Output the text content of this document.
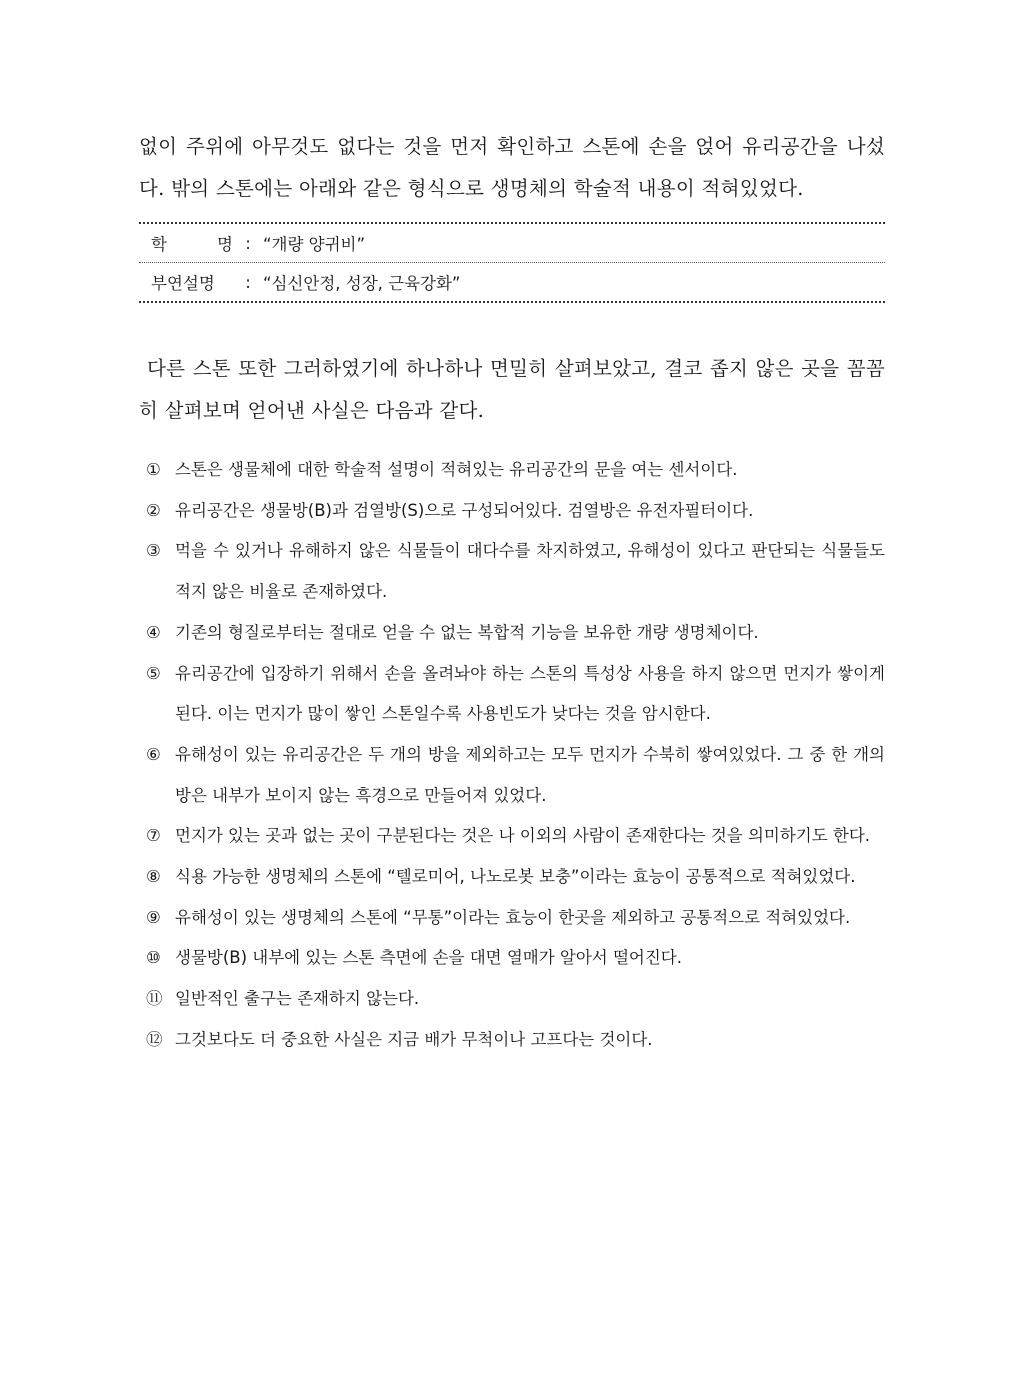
없이 주위에 아무것도 없다는 것을 먼저 확인하고 스톤에 손을 얹어 유리공간을 나섰다. 밖의 스톤에는 아래와 같은 형식으로 생명체의 학술적 내용이 적혀있었다.

학	명 : “개량 양귀비”
부연설명	: “심신안정, 성장, 근육강화”

다른 스톤 또한 그러하였기에 하나하나 면밀히 살펴보았고, 결코 좁지 않은 곳을 꼼꼼히 살펴보며 얻어낸 사실은 다음과 같다.

① 스톤은 생물체에 대한 학술적 설명이 적혀있는 유리공간의 문을 여는 센서이다.
② 유리공간은 생물방(B)과 검열방(S)으로 구성되어있다. 검열방은 유전자필터이다.
③ 먹을 수 있거나 유해하지 않은 식물들이 대다수를 차지하였고, 유해성이 있다고 판단되는 식물들도 적지 않은 비율로 존재하였다.
④ 기존의 형질로부터는 절대로 얻을 수 없는 복합적 기능을 보유한 개량 생명체이다.
⑤ 유리공간에 입장하기 위해서 손을 올려놔야 하는 스톤의 특성상 사용을 하지 않으면 먼지가 쌓이게 된다. 이는 먼지가 많이 쌓인 스톤일수록 사용빈도가 낮다는 것을 암시한다.
⑥ 유해성이 있는 유리공간은 두 개의 방을 제외하고는 모두 먼지가 수북히 쌓여있었다. 그 중 한 개의 방은 내부가 보이지 않는 흑경으로 만들어져 있었다.
⑦ 먼지가 있는 곳과 없는 곳이 구분된다는 것은 나 이외의 사람이 존재한다는 것을 의미하기도 한다.
⑧ 식용 가능한 생명체의 스톤에 “텔로미어, 나노로봇 보충”이라는 효능이 공통적으로 적혀있었다.
⑨ 유해성이 있는 생명체의 스톤에 “무통”이라는 효능이 한곳을 제외하고 공통적으로 적혀있었다.
⑩ 생물방(B) 내부에 있는 스톤 측면에 손을 대면 열매가 알아서 떨어진다.
⑪ 일반적인 출구는 존재하지 않는다.
⑫ 그것보다도 더 중요한 사실은 지금 배가 무척이나 고프다는 것이다.
